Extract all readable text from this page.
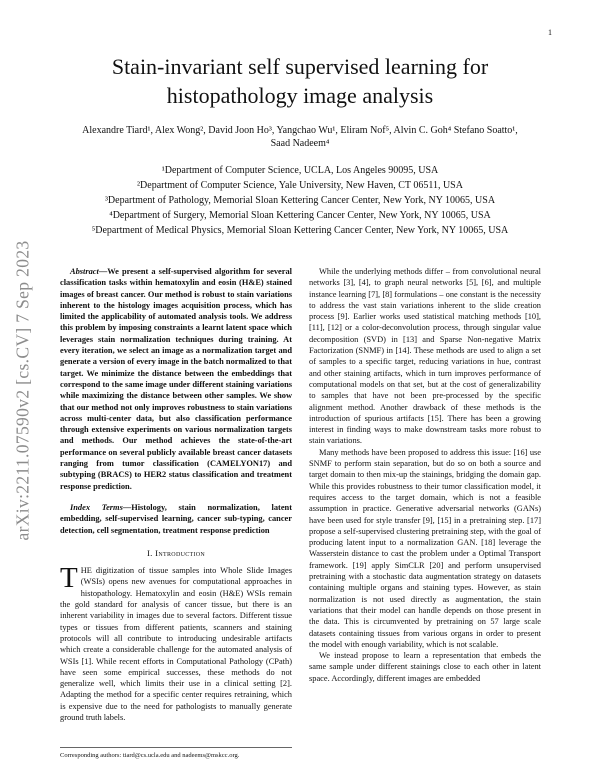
1
arXiv:2211.07590v2 [cs.CV] 7 Sep 2023
Stain-invariant self supervised learning for histopathology image analysis
Alexandre Tiard¹, Alex Wong², David Joon Ho³, Yangchao Wu¹, Eliram Nof⁵, Alvin C. Goh⁴ Stefano Soatto¹,
Saad Nadeem⁴
¹Department of Computer Science, UCLA, Los Angeles 90095, USA
²Department of Computer Science, Yale University, New Haven, CT 06511, USA
³Department of Pathology, Memorial Sloan Kettering Cancer Center, New York, NY 10065, USA
⁴Department of Surgery, Memorial Sloan Kettering Cancer Center, New York, NY 10065, USA
⁵Department of Medical Physics, Memorial Sloan Kettering Cancer Center, New York, NY 10065, USA

Abstract—We present a self-supervised algorithm for several classification tasks within hematoxylin and eosin (H&E) stained images of breast cancer. Our method is robust to stain variations inherent to the histology images acquisition process, which has limited the applicability of automated analysis tools. We address this problem by imposing constraints a learnt latent space which leverages stain normalization techniques during training. At every iteration, we select an image as a normalization target and generate a version of every image in the batch normalized to that target. We minimize the distance between the embeddings that correspond to the same image under different staining variations while maximizing the distance between other samples. We show that our method not only improves robustness to stain variations across multi-center data, but also classification performance through extensive experiments on various normalization targets and methods. Our method achieves the state-of-the-art performance on several publicly available breast cancer datasets ranging from tumor classification (CAMELYON17) and subtyping (BRACS) to HER2 status classification and treatment response prediction.

Index Terms—Histology, stain normalization, latent embedding, self-supervised learning, cancer sub-typing, cancer detection, cell segmentation, treatment response prediction

I. Introduction

THE digitization of tissue samples into Whole Slide Images (WSIs) opens new avenues for computational approaches in histopathology. Hematoxylin and eosin (H&E) WSIs remain the gold standard for analysis of cancer tissue, but there is an inherent variability in images due to several factors. Different tissue types or tissues from different patients, scanners and staining protocols will all contribute to introducing undesirable artifacts which create a considerable challenge for the automated analysis of WSIs [1]. While recent efforts in Computational Pathology (CPath) have seen some empirical successes, these methods do not generalize well, which limits their use in a clinical setting [2]. Adapting the method for a specific center requires retraining, which is expensive due to the need for pathologists to manually generate ground truth labels.

While the underlying methods differ – from convolutional neural networks [3], [4], to graph neural networks [5], [6], and multiple instance learning [7], [8] formulations – one constant is the necessity to address the vast stain variations inherent to the slide creation process [9]. Earlier works used statistical matching methods [10], [11], [12] or a color-deconvolution process, through singular value decomposition (SVD) in [13] and Sparse Non-negative Matrix Factorization (SNMF) in [14]. These methods are used to align a set of samples to a specific target, reducing variations in hue, contrast and other staining artifacts, which in turn improves performance of computational models on that set, but at the cost of generalizability to samples that have not been pre-processed by the specific alignment method. Another drawback of these methods is the introduction of spurious artifacts [15]. There has been a growing interest in finding ways to make downstream tasks more robust to stain variations.

Many methods have been proposed to address this issue: [16] use SNMF to perform stain separation, but do so on both a source and target domain to then mix-up the stainings, bridging the domain gap. While this provides robustness to their tumor classification model, it requires access to the target domain, which is not a feasible assumption in practice. Generative adversarial networks (GANs) have been used for style transfer [9], [15] in a pretraining step. [17] propose a self-supervised clustering pretraining step, with the goal of producing latent input to a normalization GAN. [18] leverage the Wasserstein distance to cast the problem under a Optimal Transport framework. [19] apply SimCLR [20] and perform unsupervised pretraining with a stochastic data augmentation strategy on datasets containing multiple organs and staining types. However, as stain normalization is not used directly as augmentation, the stain variations that their model can handle depends on those present in the data. This is circumvented by pretraining on 57 large scale datasets containing tissues from various organs in order to present the model with enough variability, which is not scalable.

We instead propose to learn a representation that embeds the same sample under different stainings close to each other in latent space. Accordingly, different images are embedded

Corresponding authors: tiard@cs.ucla.edu and nadeems@mskcc.org.
